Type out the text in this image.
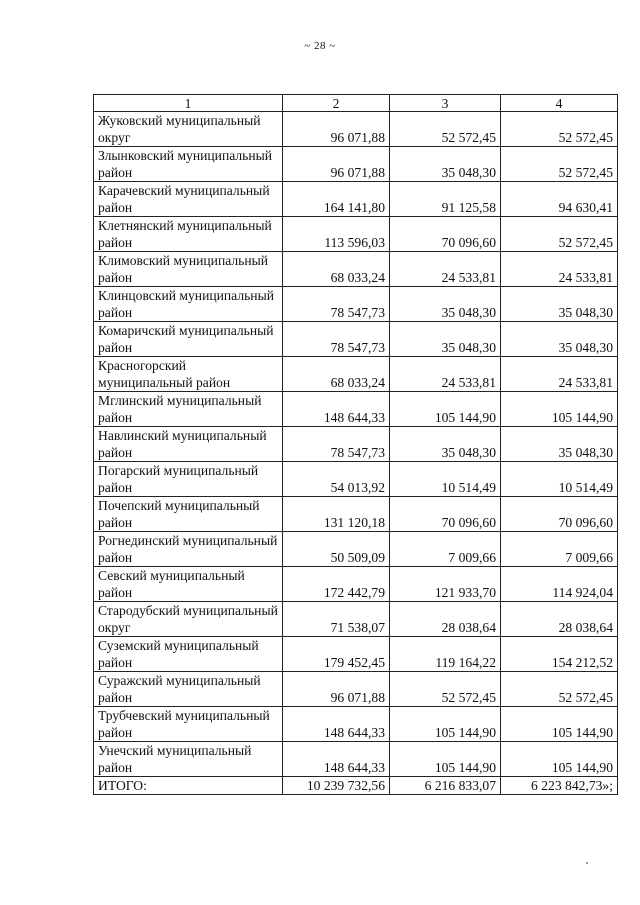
~ 28 ~
1	2	3	4
Жуковский муниципальный округ	96 071,88	52 572,45	52 572,45
Злынковский муниципальный район	96 071,88	35 048,30	52 572,45
Карачевский муниципальный район	164 141,80	91 125,58	94 630,41
Клетнянский муниципальный район	113 596,03	70 096,60	52 572,45
Климовский муниципальный район	68 033,24	24 533,81	24 533,81
Клинцовский муниципальный район	78 547,73	35 048,30	35 048,30
Комаричский муниципальный район	78 547,73	35 048,30	35 048,30
Красногорский муниципальный район	68 033,24	24 533,81	24 533,81
Мглинский муниципальный район	148 644,33	105 144,90	105 144,90
Навлинский муниципальный район	78 547,73	35 048,30	35 048,30
Погарский муниципальный район	54 013,92	10 514,49	10 514,49
Почепский муниципальный район	131 120,18	70 096,60	70 096,60
Рогнединский муниципальный район	50 509,09	7 009,66	7 009,66
Севский муниципальный район	172 442,79	121 933,70	114 924,04
Стародубский муниципальный округ	71 538,07	28 038,64	28 038,64
Суземский муниципальный район	179 452,45	119 164,22	154 212,52
Суражский муниципальный район	96 071,88	52 572,45	52 572,45
Трубчевский муниципальный район	148 644,33	105 144,90	105 144,90
Унечский муниципальный район	148 644,33	105 144,90	105 144,90
ИТОГО:	10 239 732,56	6 216 833,07	6 223 842,73»;
